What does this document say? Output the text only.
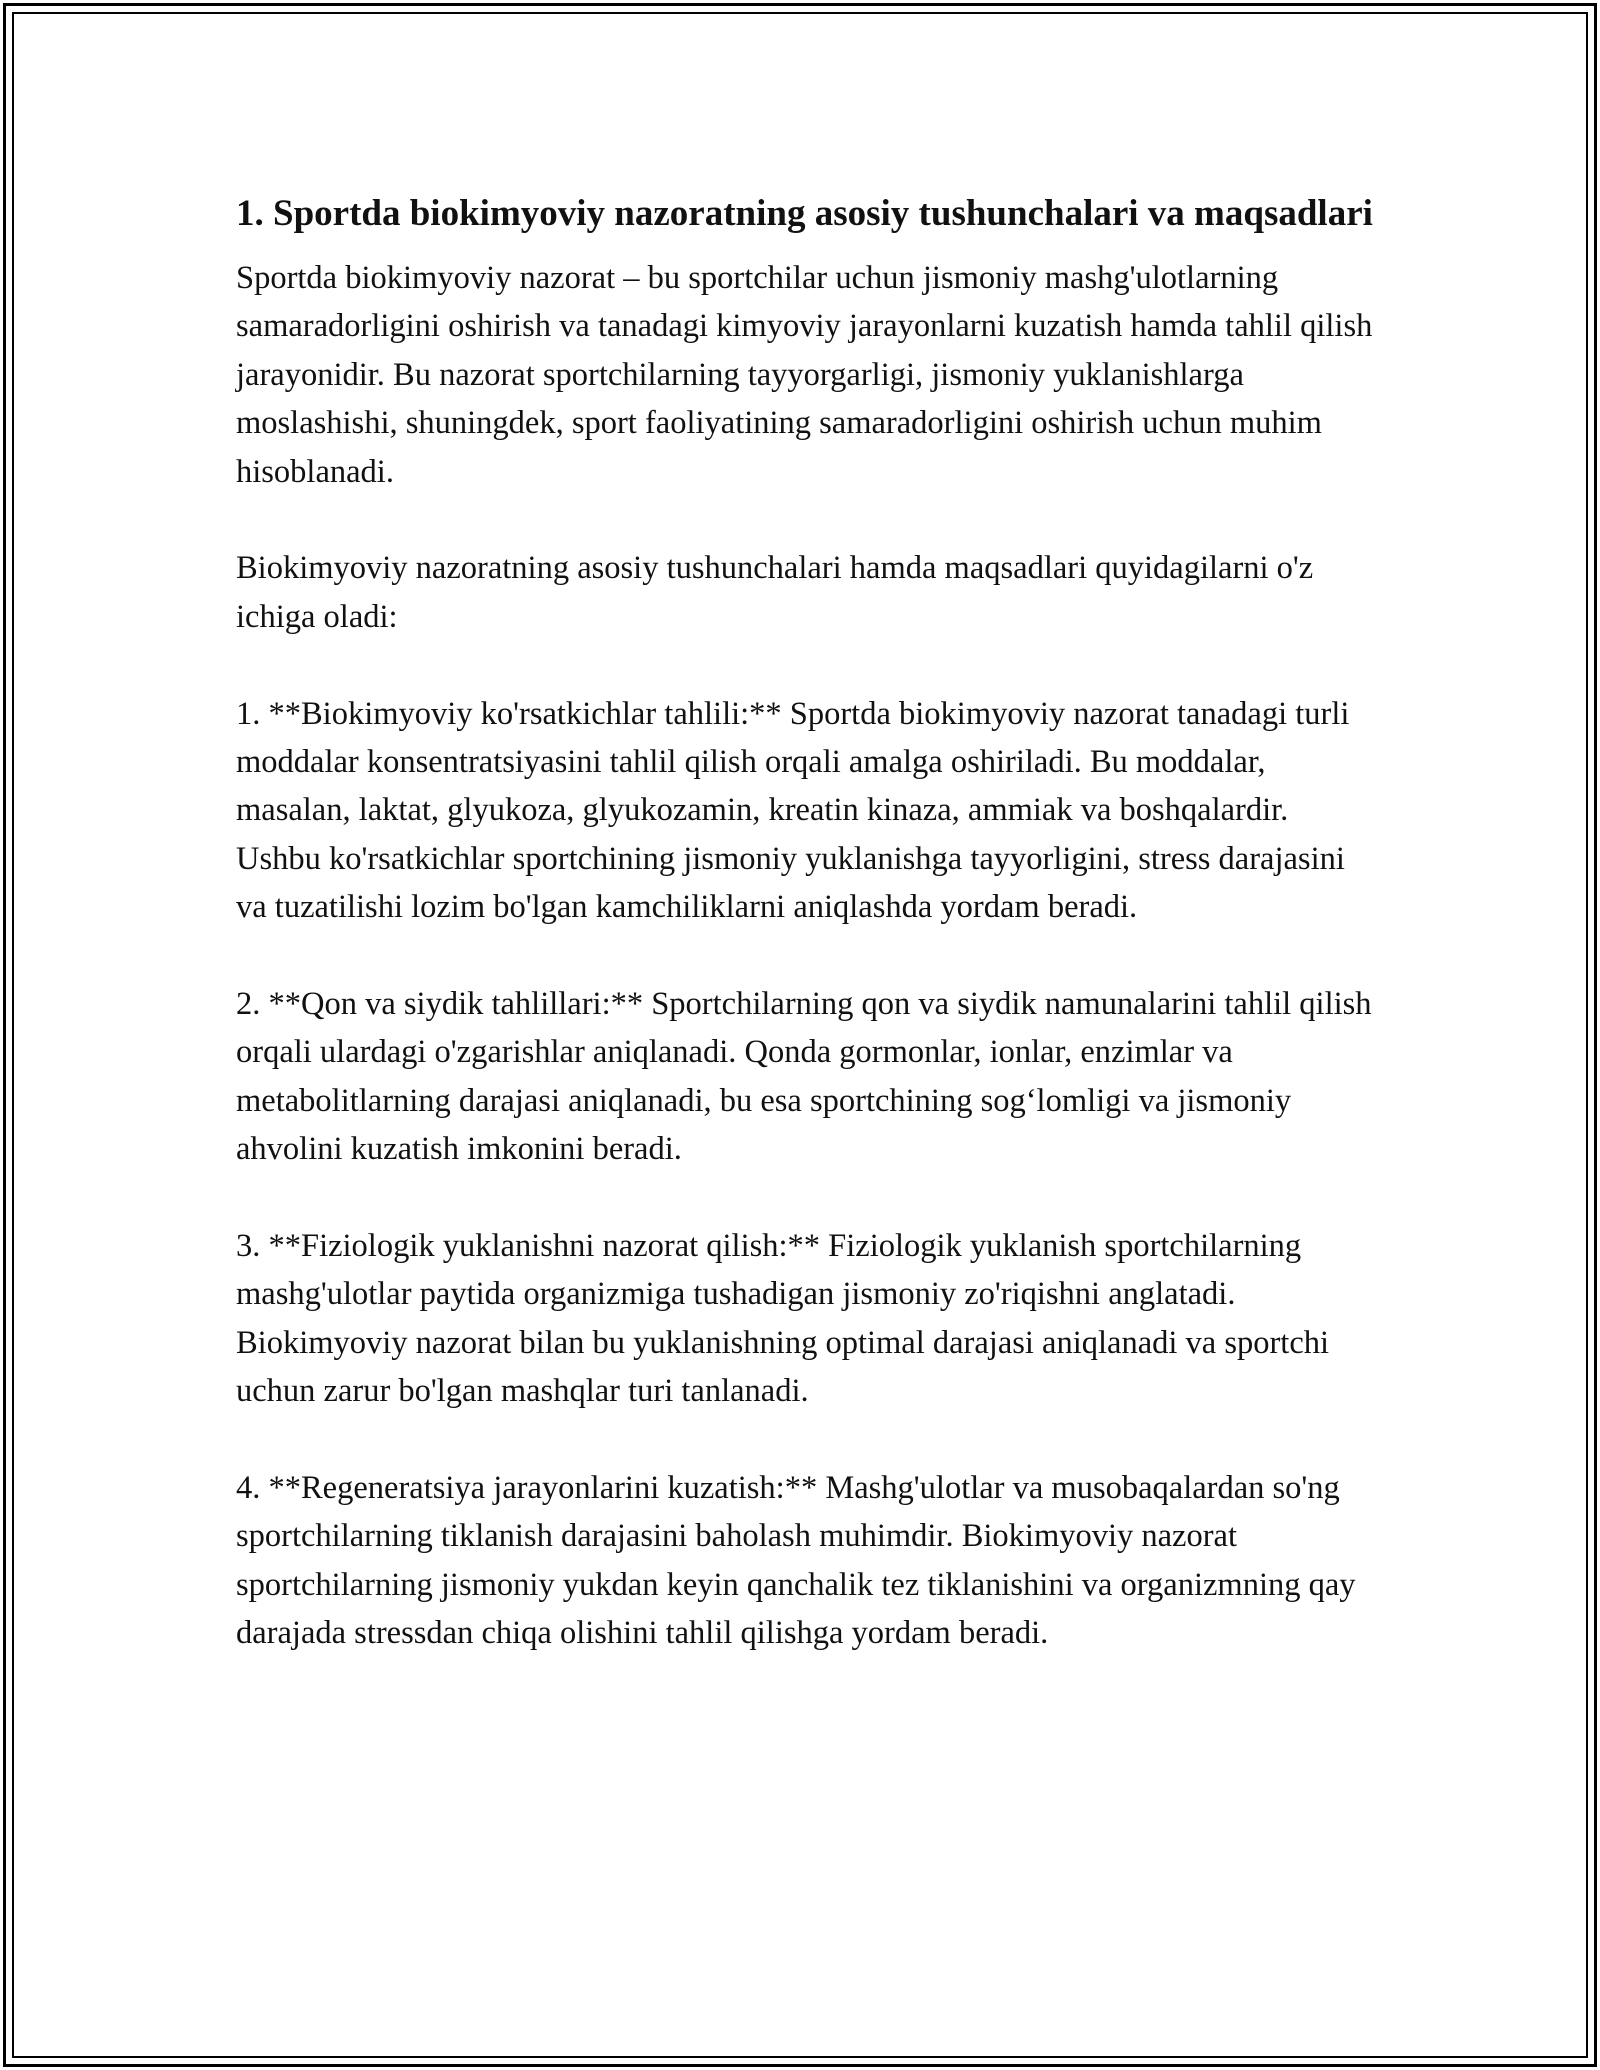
1. Sportda biokimyoviy nazoratning asosiy tushunchalari va maqsadlari

Sportda biokimyoviy nazorat – bu sportchilar uchun jismoniy mashg'ulotlarning samaradorligini oshirish va tanadagi kimyoviy jarayonlarni kuzatish hamda tahlil qilish jarayonidir. Bu nazorat sportchilarning tayyorgarligi, jismoniy yuklanishlarga moslashishi, shuningdek, sport faoliyatining samaradorligini oshirish uchun muhim hisoblanadi.

Biokimyoviy nazoratning asosiy tushunchalari hamda maqsadlari quyidagilarni o'z ichiga oladi:

1. **Biokimyoviy ko'rsatkichlar tahlili:** Sportda biokimyoviy nazorat tanadagi turli moddalar konsentratsiyasini tahlil qilish orqali amalga oshiriladi. Bu moddalar, masalan, laktat, glyukoza, glyukozamin, kreatin kinaza, ammiak va boshqalardir. Ushbu ko'rsatkichlar sportchining jismoniy yuklanishga tayyorligini, stress darajasini va tuzatilishi lozim bo'lgan kamchiliklarni aniqlashda yordam beradi.

2. **Qon va siydik tahlillari:** Sportchilarning qon va siydik namunalarini tahlil qilish orqali ulardagi o'zgarishlar aniqlanadi. Qonda gormonlar, ionlar, enzimlar va metabolitlarning darajasi aniqlanadi, bu esa sportchining sog‘lomligi va jismoniy ahvolini kuzatish imkonini beradi.

3. **Fiziologik yuklanishni nazorat qilish:** Fiziologik yuklanish sportchilarning mashg'ulotlar paytida organizmiga tushadigan jismoniy zo'riqishni anglatadi. Biokimyoviy nazorat bilan bu yuklanishning optimal darajasi aniqlanadi va sportchi uchun zarur bo'lgan mashqlar turi tanlanadi.

4. **Regeneratsiya jarayonlarini kuzatish:** Mashg'ulotlar va musobaqalardan so'ng sportchilarning tiklanish darajasini baholash muhimdir. Biokimyoviy nazorat sportchilarning jismoniy yukdan keyin qanchalik tez tiklanishini va organizmning qay darajada stressdan chiqa olishini tahlil qilishga yordam beradi.
